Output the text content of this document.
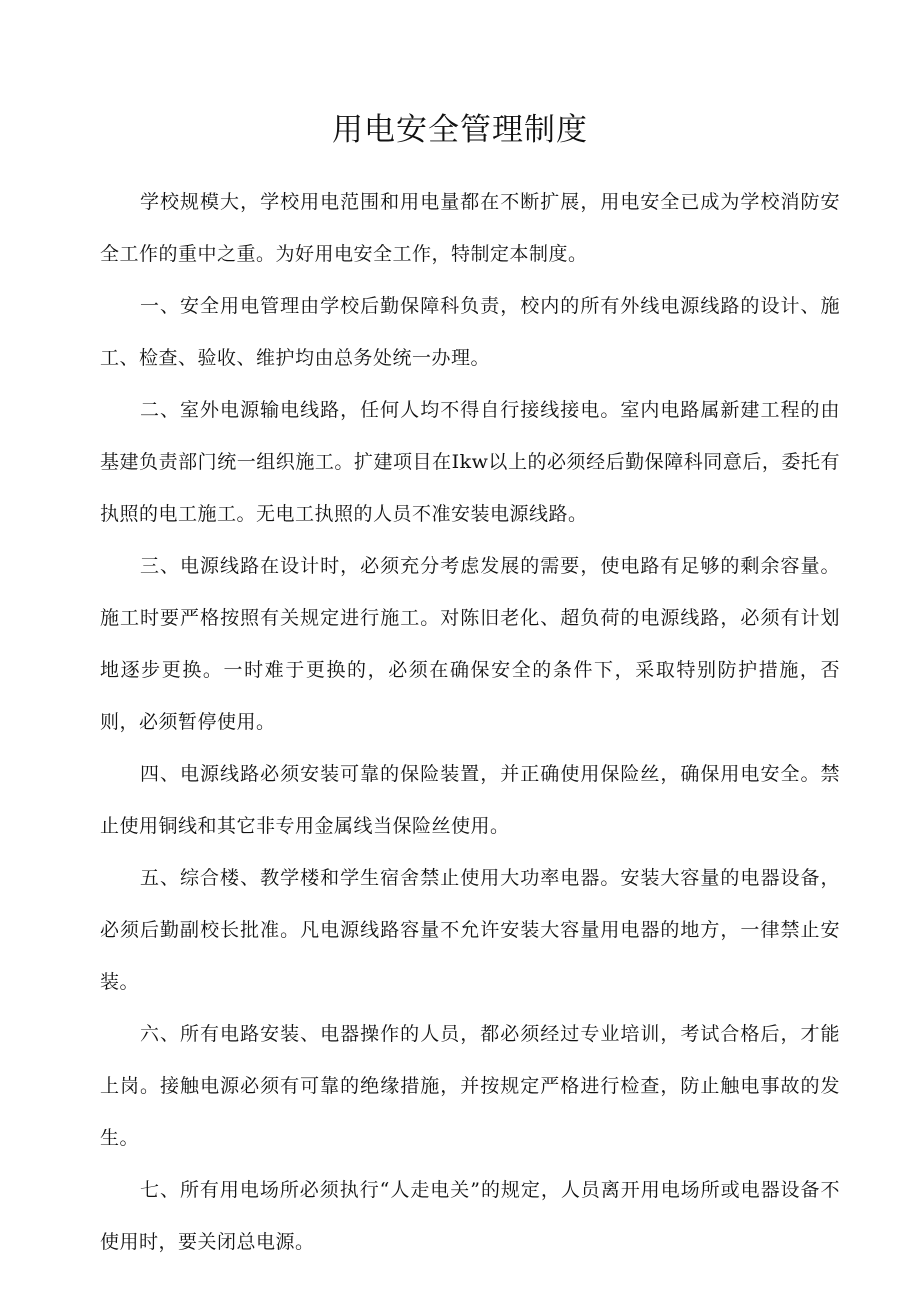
用电安全管理制度

学校规模大，学校用电范围和用电量都在不断扩展，用电安全已成为学校消防安全工作的重中之重。为好用电安全工作，特制定本制度。

一、安全用电管理由学校后勤保障科负责，校内的所有外线电源线路的设计、施工、检查、验收、维护均由总务处统一办理。

二、室外电源输电线路，任何人均不得自行接线接电。室内电路属新建工程的由基建负责部门统一组织施工。扩建项目在Ikw以上的必须经后勤保障科同意后，委托有执照的电工施工。无电工执照的人员不准安装电源线路。

三、电源线路在设计时，必须充分考虑发展的需要，使电路有足够的剩余容量。施工时要严格按照有关规定进行施工。对陈旧老化、超负荷的电源线路，必须有计划地逐步更换。一时难于更换的，必须在确保安全的条件下，采取特别防护措施，否则，必须暂停使用。

四、电源线路必须安装可靠的保险装置，并正确使用保险丝，确保用电安全。禁止使用铜线和其它非专用金属线当保险丝使用。

五、综合楼、教学楼和学生宿舍禁止使用大功率电器。安装大容量的电器设备，必须后勤副校长批准。凡电源线路容量不允许安装大容量用电器的地方，一律禁止安装。

六、所有电路安装、电器操作的人员，都必须经过专业培训，考试合格后，才能上岗。接触电源必须有可靠的绝缘措施，并按规定严格进行检查，防止触电事故的发生。

七、所有用电场所必须执行“人走电关”的规定，人员离开用电场所或电器设备不使用时，要关闭总电源。
